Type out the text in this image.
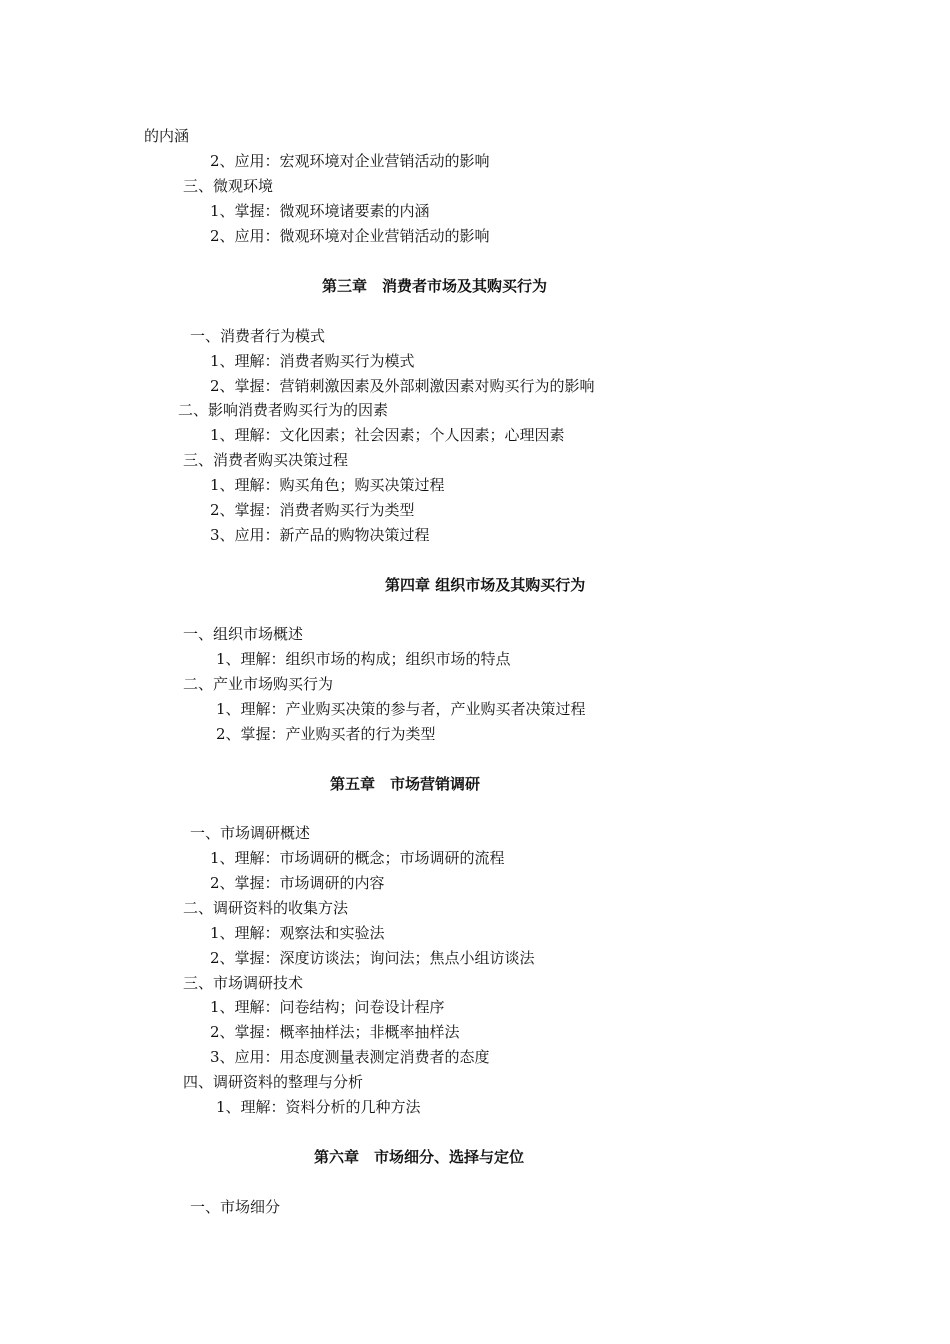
的内涵
2、应用：宏观环境对企业营销活动的影响
三、微观环境
1、掌握：微观环境诸要素的内涵
2、应用：微观环境对企业营销活动的影响
第三章　消费者市场及其购买行为
一、消费者行为模式
1、理解：消费者购买行为模式
2、掌握：营销刺激因素及外部刺激因素对购买行为的影响
二、影响消费者购买行为的因素
1、理解：文化因素；社会因素；个人因素；心理因素
三、消费者购买决策过程
1、理解：购买角色；购买决策过程
2、掌握：消费者购买行为类型
3、应用：新产品的购物决策过程
第四章 组织市场及其购买行为
一、组织市场概述
1、理解：组织市场的构成；组织市场的特点
二、产业市场购买行为
1、理解：产业购买决策的参与者，产业购买者决策过程
2、掌握：产业购买者的行为类型
第五章　市场营销调研
一、市场调研概述
1、理解：市场调研的概念；市场调研的流程
2、掌握：市场调研的内容
二、调研资料的收集方法
1、理解：观察法和实验法
2、掌握：深度访谈法；询问法；焦点小组访谈法
三、市场调研技术
1、理解：问卷结构；问卷设计程序
2、掌握：概率抽样法；非概率抽样法
3、应用：用态度测量表测定消费者的态度
四、调研资料的整理与分析
1、理解：资料分析的几种方法
第六章　市场细分、选择与定位
一、市场细分
